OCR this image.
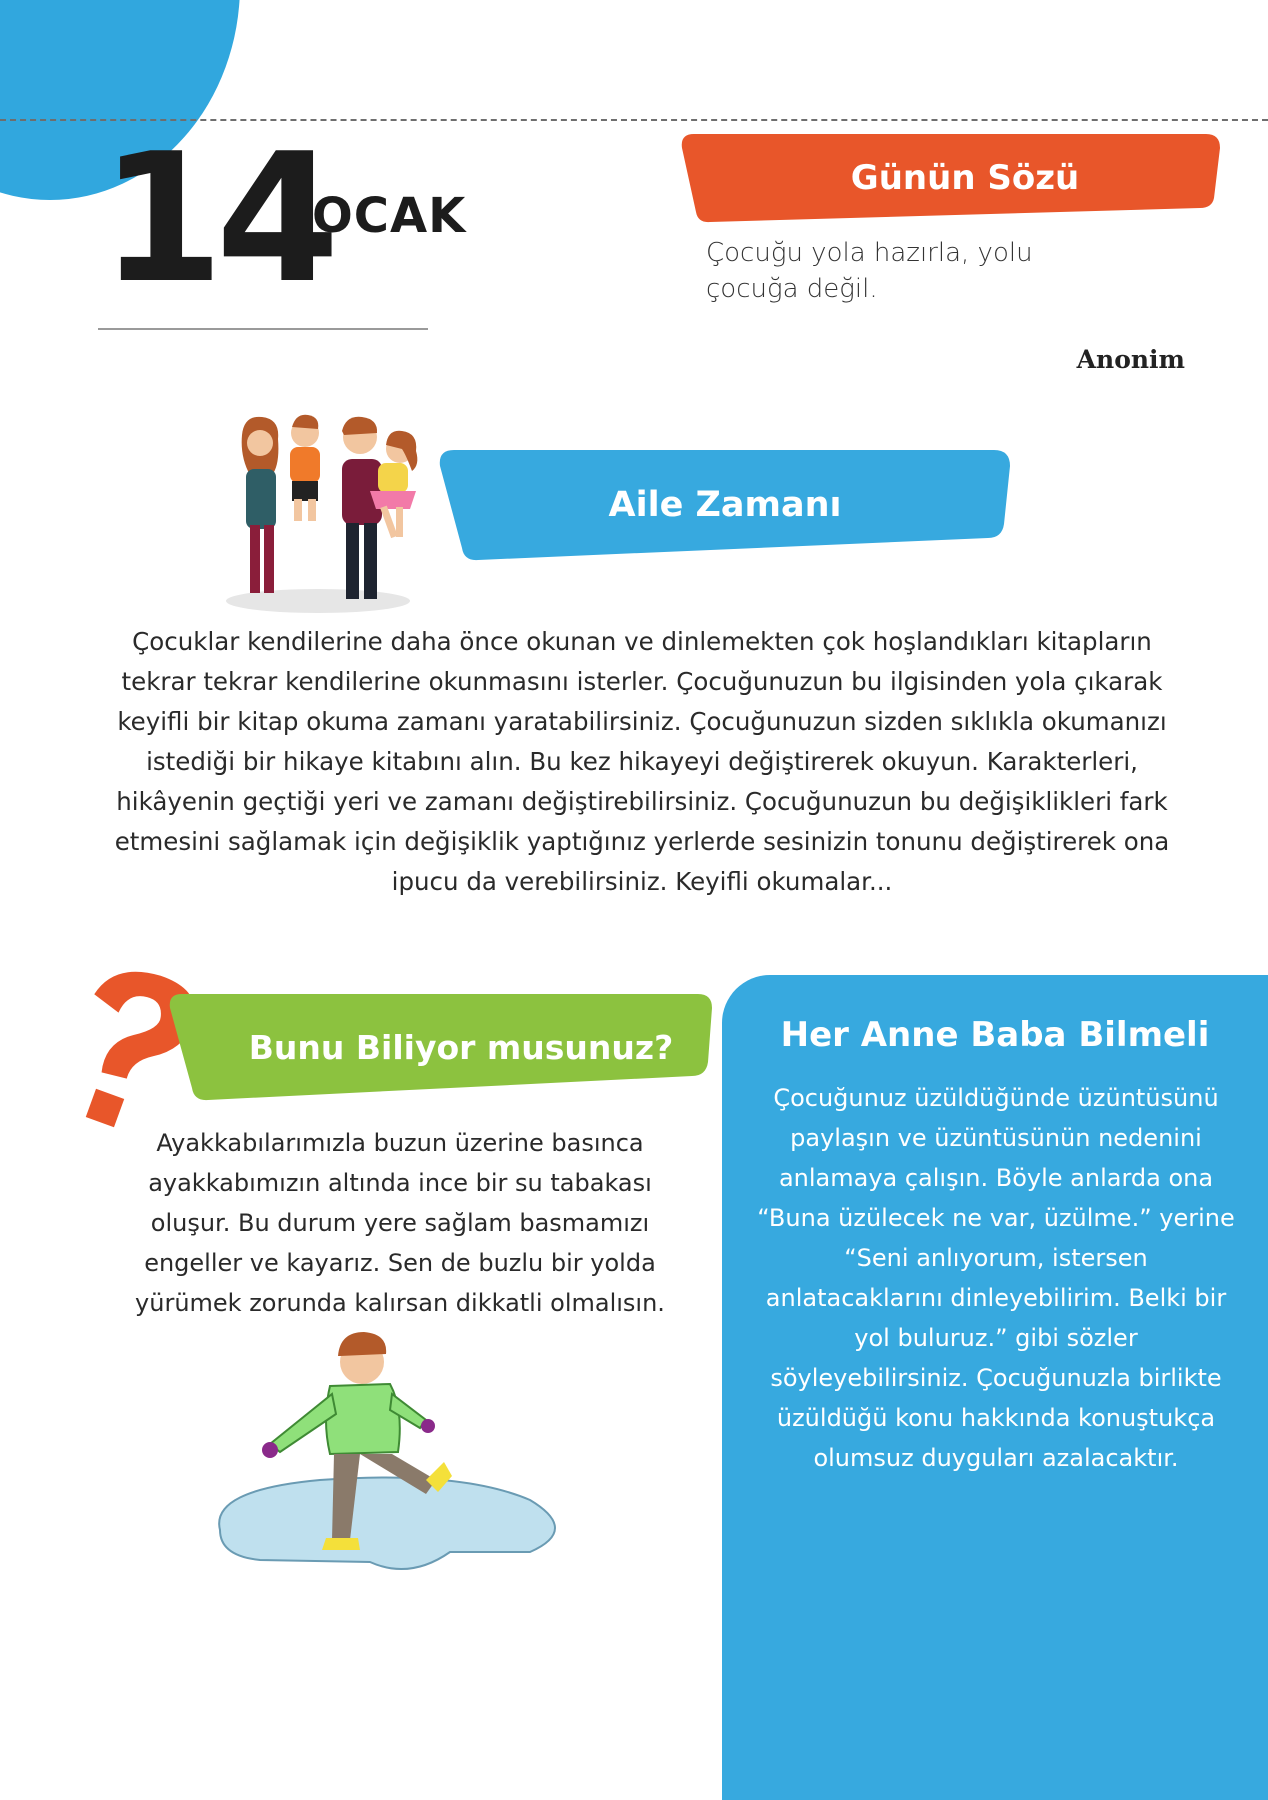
14
OCAK
Günün Sözü
Çocuğu yola hazırla, yolu çocuğa değil.
Anonim
Aile Zamanı
Çocuklar kendilerine daha önce okunan ve dinlemekten çok hoşlandıkları kitapların tekrar tekrar kendilerine okunmasını isterler. Çocuğunuzun bu ilgisinden yola çıkarak keyifli bir kitap okuma zamanı yaratabilirsiniz. Çocuğunuzun sizden sıklıkla okumanızı istediği bir hikaye kitabını alın. Bu kez hikayeyi değiştirerek okuyun. Karakterleri, hikâyenin geçtiği yeri ve zamanı değiştirebilirsiniz. Çocuğunuzun bu değişiklikleri fark etmesini sağlamak için değişiklik yaptığınız yerlerde sesinizin tonunu değiştirerek ona ipucu da verebilirsiniz. Keyifli okumalar...
Bunu Biliyor musunuz?
Ayakkabılarımızla buzun üzerine basınca ayakkabımızın altında ince bir su tabakası oluşur. Bu durum yere sağlam basmamızı engeller ve kayarız. Sen de buzlu bir yolda yürümek zorunda kalırsan dikkatli olmalısın.
Her Anne Baba Bilmeli
Çocuğunuz üzüldüğünde üzüntüsünü paylaşın ve üzüntüsünün nedenini anlamaya çalışın. Böyle anlarda ona “Buna üzülecek ne var, üzülme.” yerine “Seni anlıyorum, istersen anlatacaklarını dinleyebilirim. Belki bir yol buluruz.” gibi sözler söyleyebilirsiniz. Çocuğunuzla birlikte üzüldüğü konu hakkında konuştukça olumsuz duyguları azalacaktır.
